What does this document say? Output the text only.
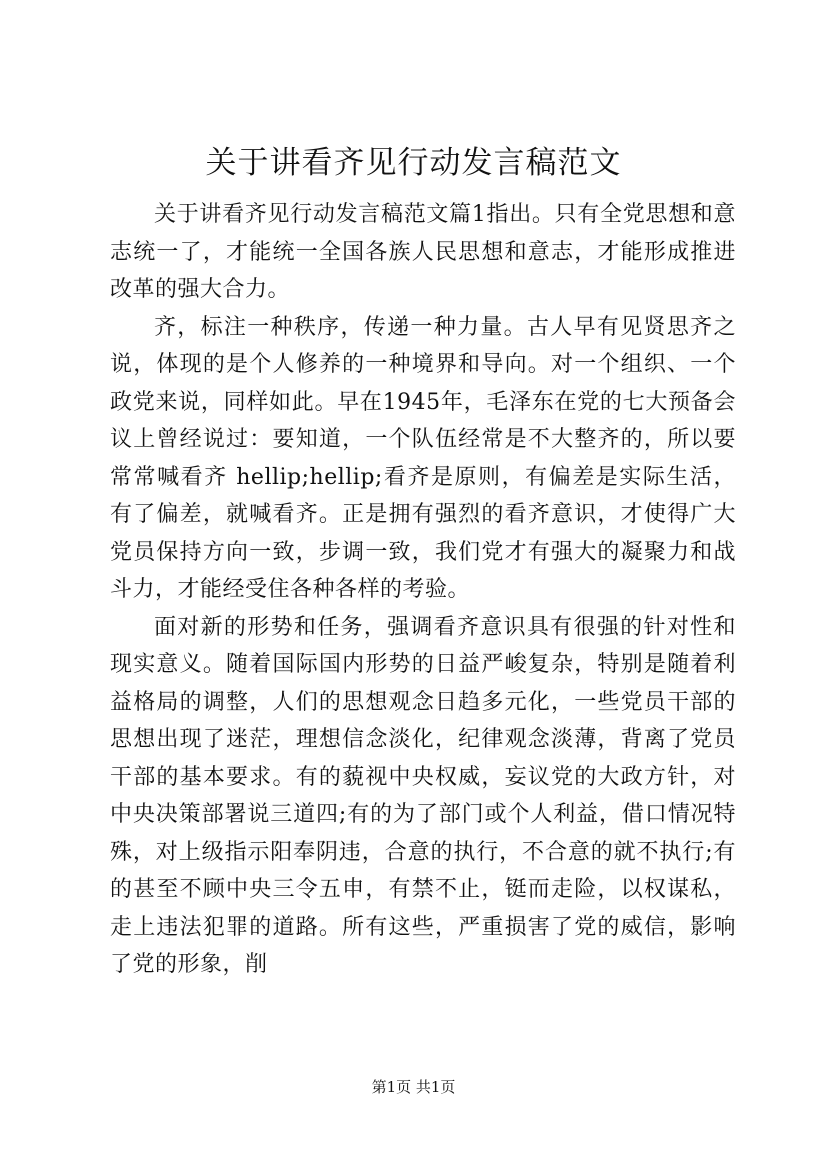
关于讲看齐见行动发言稿范文

关于讲看齐见行动发言稿范文篇1指出。只有全党思想和意志统一了，才能统一全国各族人民思想和意志，才能形成推进改革的强大合力。

齐，标注一种秩序，传递一种力量。古人早有见贤思齐之说，体现的是个人修养的一种境界和导向。对一个组织、一个政党来说，同样如此。早在1945年，毛泽东在党的七大预备会议上曾经说过：要知道，一个队伍经常是不大整齐的，所以要常常喊看齐 hellip;hellip;看齐是原则，有偏差是实际生活，有了偏差，就喊看齐。正是拥有强烈的看齐意识，才使得广大党员保持方向一致，步调一致，我们党才有强大的凝聚力和战斗力，才能经受住各种各样的考验。

面对新的形势和任务，强调看齐意识具有很强的针对性和现实意义。随着国际国内形势的日益严峻复杂，特别是随着利益格局的调整，人们的思想观念日趋多元化，一些党员干部的思想出现了迷茫，理想信念淡化，纪律观念淡薄，背离了党员干部的基本要求。有的藐视中央权威，妄议党的大政方针，对中央决策部署说三道四;有的为了部门或个人利益，借口情况特殊，对上级指示阳奉阴违，合意的执行，不合意的就不执行;有的甚至不顾中央三令五申，有禁不止，铤而走险，以权谋私，走上违法犯罪的道路。所有这些，严重损害了党的威信，影响了党的形象，削

第1页 共1页
